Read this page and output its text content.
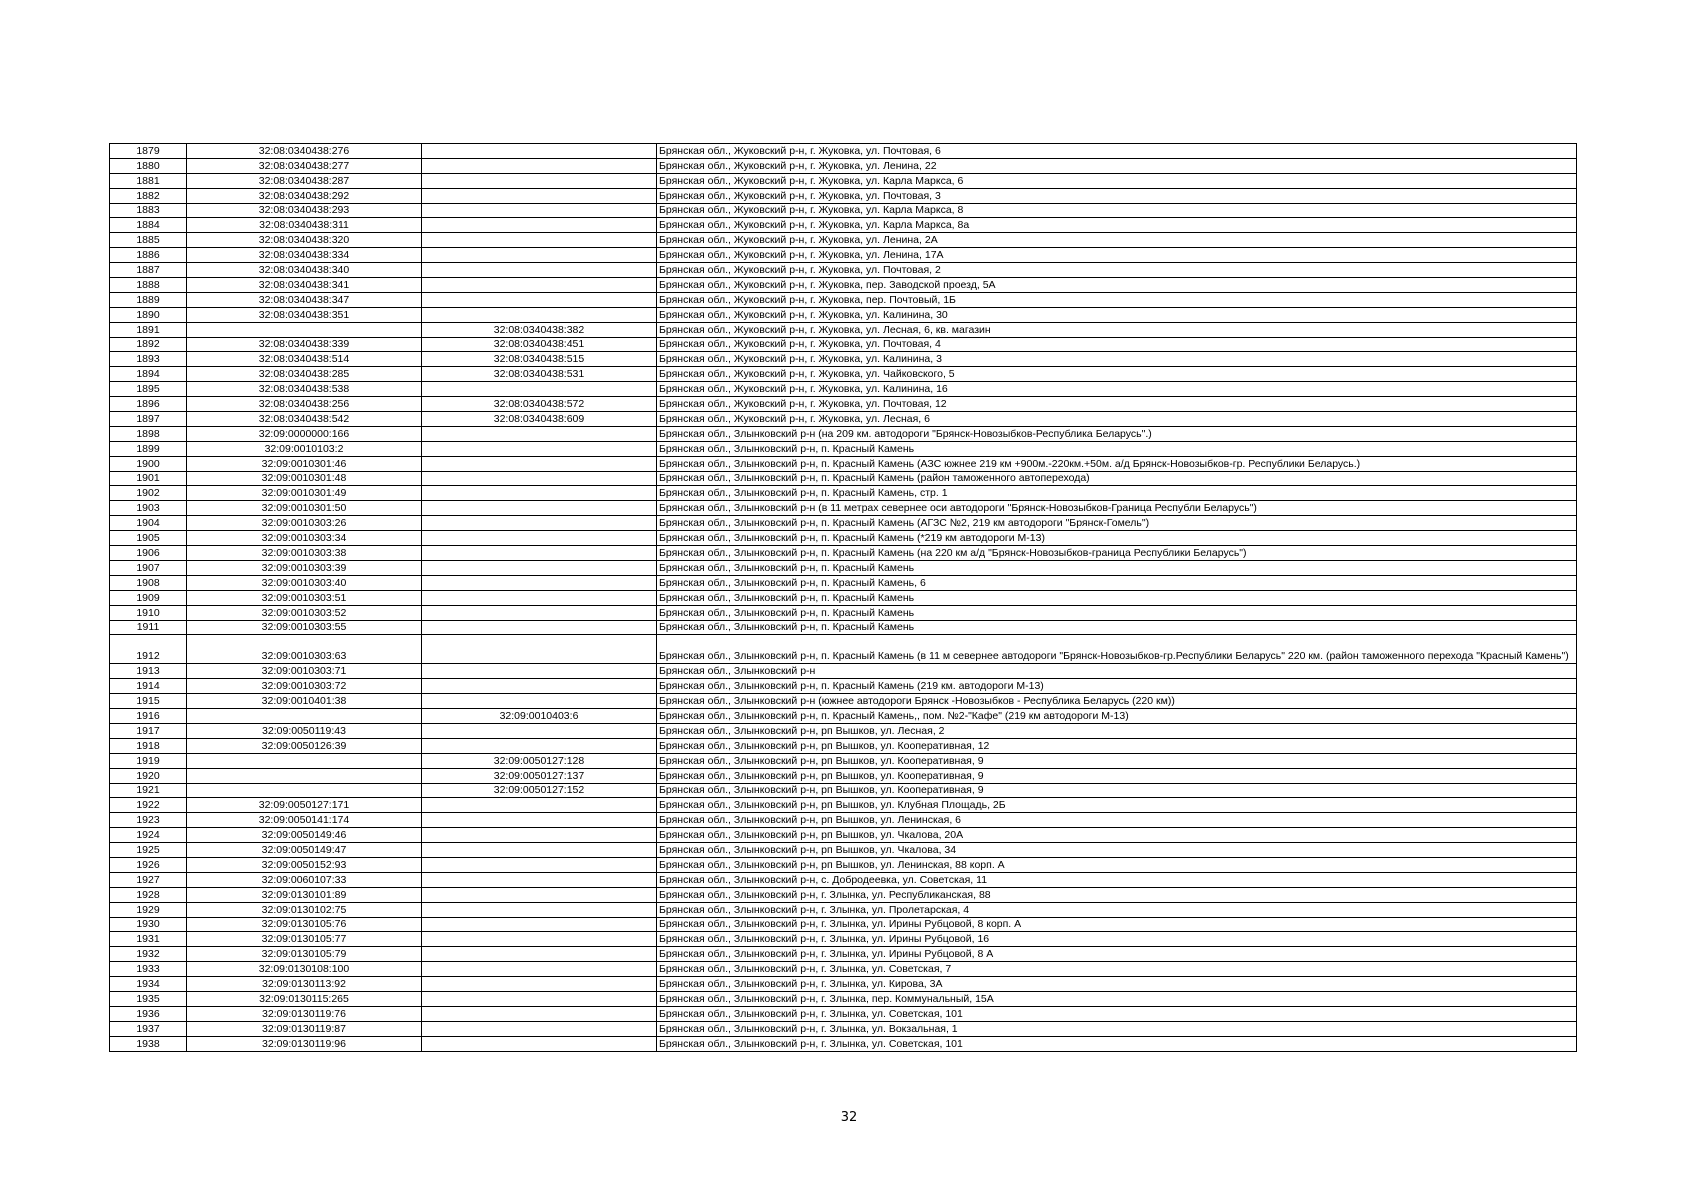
1879	32:08:0340438:276		Брянская обл., Жуковский р-н, г. Жуковка, ул. Почтовая, 6
1880	32:08:0340438:277		Брянская обл., Жуковский р-н, г. Жуковка, ул. Ленина, 22
1881	32:08:0340438:287		Брянская обл., Жуковский р-н, г. Жуковка, ул. Карла Маркса, 6
1882	32:08:0340438:292		Брянская обл., Жуковский р-н, г. Жуковка, ул. Почтовая, 3
1883	32:08:0340438:293		Брянская обл., Жуковский р-н, г. Жуковка, ул. Карла Маркса, 8
1884	32:08:0340438:311		Брянская обл., Жуковский р-н, г. Жуковка, ул. Карла Маркса, 8а
1885	32:08:0340438:320		Брянская обл., Жуковский р-н, г. Жуковка, ул. Ленина, 2А
1886	32:08:0340438:334		Брянская обл., Жуковский р-н, г. Жуковка, ул. Ленина, 17А
1887	32:08:0340438:340		Брянская обл., Жуковский р-н, г. Жуковка, ул. Почтовая, 2
1888	32:08:0340438:341		Брянская обл., Жуковский р-н, г. Жуковка, пер. Заводской проезд, 5А
1889	32:08:0340438:347		Брянская обл., Жуковский р-н, г. Жуковка, пер. Почтовый, 1Б
1890	32:08:0340438:351		Брянская обл., Жуковский р-н, г. Жуковка, ул. Калинина, 30
1891		32:08:0340438:382	Брянская обл., Жуковский р-н, г. Жуковка, ул. Лесная, 6, кв. магазин
1892	32:08:0340438:339	32:08:0340438:451	Брянская обл., Жуковский р-н, г. Жуковка, ул. Почтовая, 4
1893	32:08:0340438:514	32:08:0340438:515	Брянская обл., Жуковский р-н, г. Жуковка, ул. Калинина, 3
1894	32:08:0340438:285	32:08:0340438:531	Брянская обл., Жуковский р-н, г. Жуковка, ул. Чайковского, 5
1895	32:08:0340438:538		Брянская обл., Жуковский р-н, г. Жуковка, ул. Калинина, 16
1896	32:08:0340438:256	32:08:0340438:572	Брянская обл., Жуковский р-н, г. Жуковка, ул. Почтовая, 12
1897	32:08:0340438:542	32:08:0340438:609	Брянская обл., Жуковский р-н, г. Жуковка, ул. Лесная, 6
1898	32:09:0000000:166		Брянская обл., Злынковский р-н (на 209 км. автодороги "Брянск-Новозыбков-Республика Беларусь".)
1899	32:09:0010103:2		Брянская обл., Злынковский р-н, п. Красный Камень
1900	32:09:0010301:46		Брянская обл., Злынковский р-н, п. Красный Камень (АЗС южнее 219 км +900м.-220км.+50м. а/д Брянск-Новозыбков-гр. Республики Беларусь.)
1901	32:09:0010301:48		Брянская обл., Злынковский р-н, п. Красный Камень (район таможенного автоперехода)
1902	32:09:0010301:49		Брянская обл., Злынковский р-н, п. Красный Камень, стр. 1
1903	32:09:0010301:50		Брянская обл., Злынковский р-н (в 11 метрах севернее оси автодороги "Брянск-Новозыбков-Граница Республи Беларусь")
1904	32:09:0010303:26		Брянская обл., Злынковский р-н, п. Красный Камень (АГЗС №2, 219 км автодороги "Брянск-Гомель")
1905	32:09:0010303:34		Брянская обл., Злынковский р-н, п. Красный Камень (*219 км автодороги М-13)
1906	32:09:0010303:38		Брянская обл., Злынковский р-н, п. Красный Камень (на 220 км а/д "Брянск-Новозыбков-граница Республики Беларусь")
1907	32:09:0010303:39		Брянская обл., Злынковский р-н, п. Красный Камень
1908	32:09:0010303:40		Брянская обл., Злынковский р-н, п. Красный Камень, 6
1909	32:09:0010303:51		Брянская обл., Злынковский р-н, п. Красный Камень
1910	32:09:0010303:52		Брянская обл., Злынковский р-н, п. Красный Камень
1911	32:09:0010303:55		Брянская обл., Злынковский р-н, п. Красный Камень
1912	32:09:0010303:63		Брянская обл., Злынковский р-н, п. Красный Камень (в 11 м севернее автодороги "Брянск-Новозыбков-гр.Республики Беларусь" 220 км. (район таможенного перехода "Красный Камень")
1913	32:09:0010303:71		Брянская обл., Злынковский р-н
1914	32:09:0010303:72		Брянская обл., Злынковский р-н, п. Красный Камень (219 км. автодороги М-13)
1915	32:09:0010401:38		Брянская обл., Злынковский р-н (южнее автодороги Брянск -Новозыбков - Республика Беларусь (220 км))
1916		32:09:0010403:6	Брянская обл., Злынковский р-н, п. Красный Камень,, пом. №2-"Кафе" (219 км автодороги М-13)
1917	32:09:0050119:43		Брянская обл., Злынковский р-н, рп Вышков, ул. Лесная, 2
1918	32:09:0050126:39		Брянская обл., Злынковский р-н, рп Вышков, ул. Кооперативная, 12
1919		32:09:0050127:128	Брянская обл., Злынковский р-н, рп Вышков, ул. Кооперативная, 9
1920		32:09:0050127:137	Брянская обл., Злынковский р-н, рп Вышков, ул. Кооперативная, 9
1921		32:09:0050127:152	Брянская обл., Злынковский р-н, рп Вышков, ул. Кооперативная, 9
1922	32:09:0050127:171		Брянская обл., Злынковский р-н, рп Вышков, ул. Клубная Площадь, 2Б
1923	32:09:0050141:174		Брянская обл., Злынковский р-н, рп Вышков, ул. Ленинская, 6
1924	32:09:0050149:46		Брянская обл., Злынковский р-н, рп Вышков, ул. Чкалова, 20А
1925	32:09:0050149:47		Брянская обл., Злынковский р-н, рп Вышков, ул. Чкалова, 34
1926	32:09:0050152:93		Брянская обл., Злынковский р-н, рп Вышков, ул. Ленинская, 88 корп. А
1927	32:09:0060107:33		Брянская обл., Злынковский р-н, с. Добродеевка, ул. Советская, 11
1928	32:09:0130101:89		Брянская обл., Злынковский р-н, г. Злынка, ул. Республиканская, 88
1929	32:09:0130102:75		Брянская обл., Злынковский р-н, г. Злынка, ул. Пролетарская, 4
1930	32:09:0130105:76		Брянская обл., Злынковский р-н, г. Злынка, ул. Ирины Рубцовой, 8 корп. А
1931	32:09:0130105:77		Брянская обл., Злынковский р-н, г. Злынка, ул. Ирины Рубцовой, 16
1932	32:09:0130105:79		Брянская обл., Злынковский р-н, г. Злынка, ул. Ирины Рубцовой, 8 А
1933	32:09:0130108:100		Брянская обл., Злынковский р-н, г. Злынка, ул. Советская, 7
1934	32:09:0130113:92		Брянская обл., Злынковский р-н, г. Злынка, ул. Кирова, 3А
1935	32:09:0130115:265		Брянская обл., Злынковский р-н, г. Злынка, пер. Коммунальный, 15А
1936	32:09:0130119:76		Брянская обл., Злынковский р-н, г. Злынка, ул. Советская, 101
1937	32:09:0130119:87		Брянская обл., Злынковский р-н, г. Злынка, ул. Вокзальная, 1
1938	32:09:0130119:96		Брянская обл., Злынковский р-н, г. Злынка, ул. Советская, 101
32
